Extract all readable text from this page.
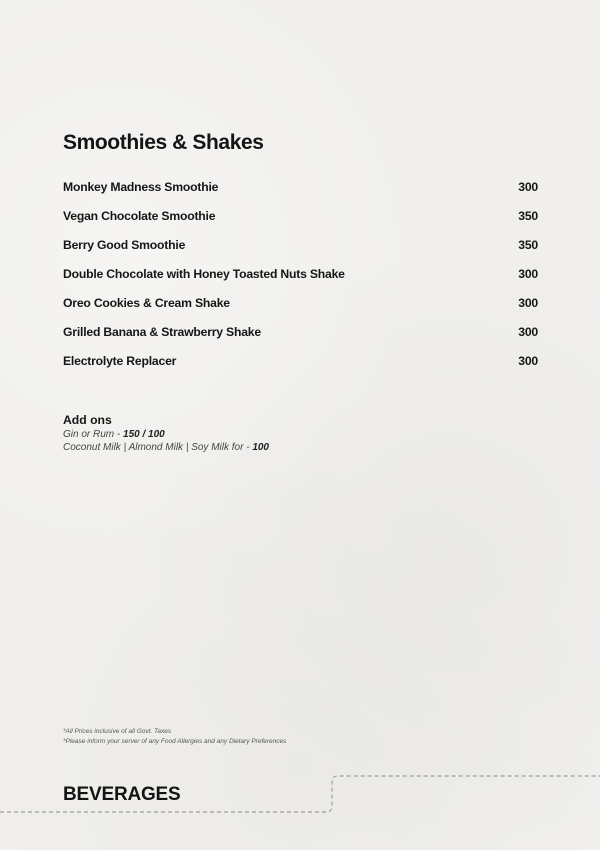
Smoothies & Shakes
Monkey Madness Smoothie	300
Vegan Chocolate Smoothie	350
Berry Good Smoothie	350
Double Chocolate with Honey Toasted Nuts Shake	300
Oreo Cookies & Cream Shake	300
Grilled Banana & Strawberry Shake	300
Electrolyte Replacer	300
Add ons
Gin or Rum - 150 / 100
Coconut Milk | Almond Milk | Soy Milk for - 100
*All Prices inclusive of all Govt. Taxes
*Please inform your server of any Food Allergies and any Dietary Preferences
BEVERAGES
